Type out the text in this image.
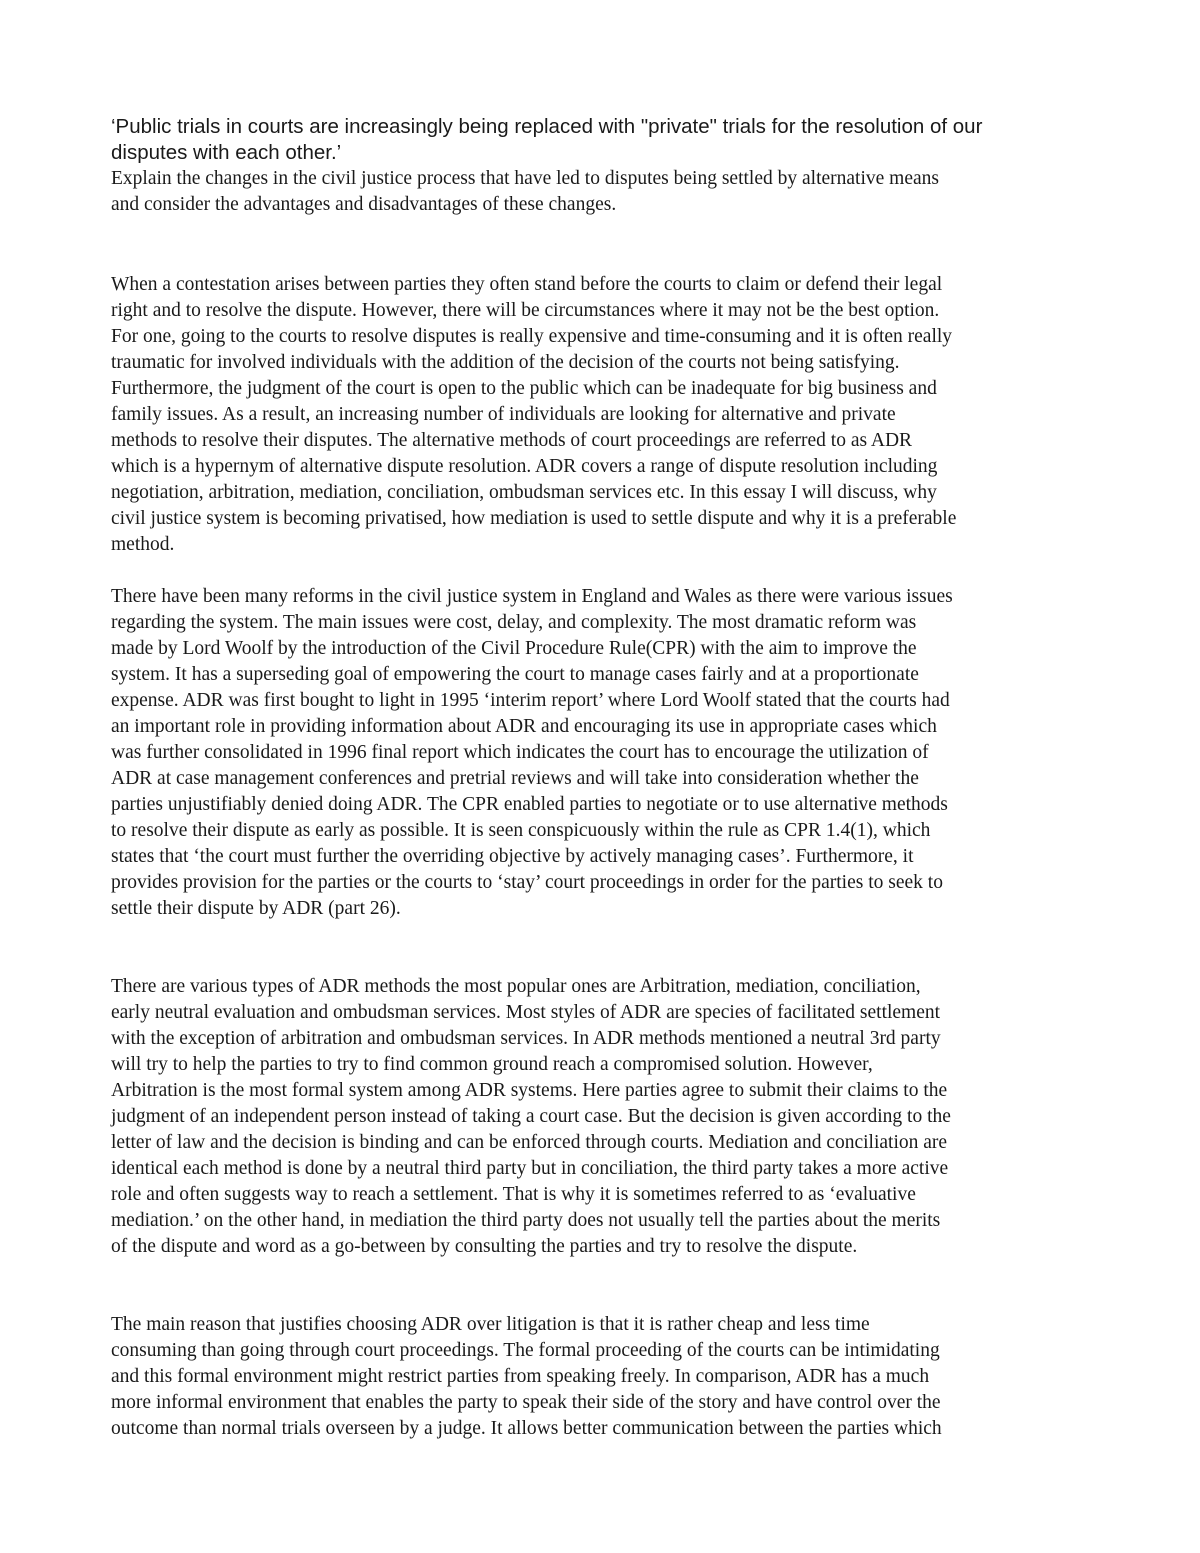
‘Public trials in courts are increasingly being replaced with "private" trials for the resolution of our
disputes with each other.’
Explain the changes in the civil justice process that have led to disputes being settled by alternative means
and consider the advantages and disadvantages of these changes.
When a contestation arises between parties they often stand before the courts to claim or defend their legal
right and to resolve the dispute. However, there will be circumstances where it may not be the best option.
For one, going to the courts to resolve disputes is really expensive and time-consuming and it is often really
traumatic for involved individuals with the addition of the decision of the courts not being satisfying.
Furthermore, the judgment of the court is open to the public which can be inadequate for big business and
family issues. As a result, an increasing number of individuals are looking for alternative and private
methods to resolve their disputes. The alternative methods of court proceedings are referred to as ADR
which is a hypernym of alternative dispute resolution. ADR covers a range of dispute resolution including
negotiation, arbitration, mediation, conciliation, ombudsman services etc. In this essay I will discuss, why
civil justice system is becoming privatised, how mediation is used to settle dispute and why it is a preferable
method.
There have been many reforms in the civil justice system in England and Wales as there were various issues
regarding the system. The main issues were cost, delay, and complexity. The most dramatic reform was
made by Lord Woolf by the introduction of the Civil Procedure Rule(CPR) with the aim to improve the
system. It has a superseding goal of empowering the court to manage cases fairly and at a proportionate
expense. ADR was first bought to light in 1995 ‘interim report’ where Lord Woolf stated that the courts had
an important role in providing information about ADR and encouraging its use in appropriate cases which
was further consolidated in 1996 final report which indicates the court has to encourage the utilization of
ADR at case management conferences and pretrial reviews and will take into consideration whether the
parties unjustifiably denied doing ADR. The CPR enabled parties to negotiate or to use alternative methods
to resolve their dispute as early as possible. It is seen conspicuously within the rule as CPR 1.4(1), which
states that ‘the court must further the overriding objective by actively managing cases’. Furthermore, it
provides provision for the parties or the courts to ‘stay’ court proceedings in order for the parties to seek to
settle their dispute by ADR (part 26).
There are various types of ADR methods the most popular ones are Arbitration, mediation, conciliation,
early neutral evaluation and ombudsman services. Most styles of ADR are species of facilitated settlement
with the exception of arbitration and ombudsman services. In ADR methods mentioned a neutral 3rd party
will try to help the parties to try to find common ground reach a compromised solution. However,
Arbitration is the most formal system among ADR systems. Here parties agree to submit their claims to the
judgment of an independent person instead of taking a court case. But the decision is given according to the
letter of law and the decision is binding and can be enforced through courts. Mediation and conciliation are
identical each method is done by a neutral third party but in conciliation, the third party takes a more active
role and often suggests way to reach a settlement. That is why it is sometimes referred to as ‘evaluative
mediation.’ on the other hand, in mediation the third party does not usually tell the parties about the merits
of the dispute and word as a go-between by consulting the parties and try to resolve the dispute.
The main reason that justifies choosing ADR over litigation is that it is rather cheap and less time
consuming than going through court proceedings. The formal proceeding of the courts can be intimidating
and this formal environment might restrict parties from speaking freely. In comparison, ADR has a much
more informal environment that enables the party to speak their side of the story and have control over the
outcome than normal trials overseen by a judge. It allows better communication between the parties which
